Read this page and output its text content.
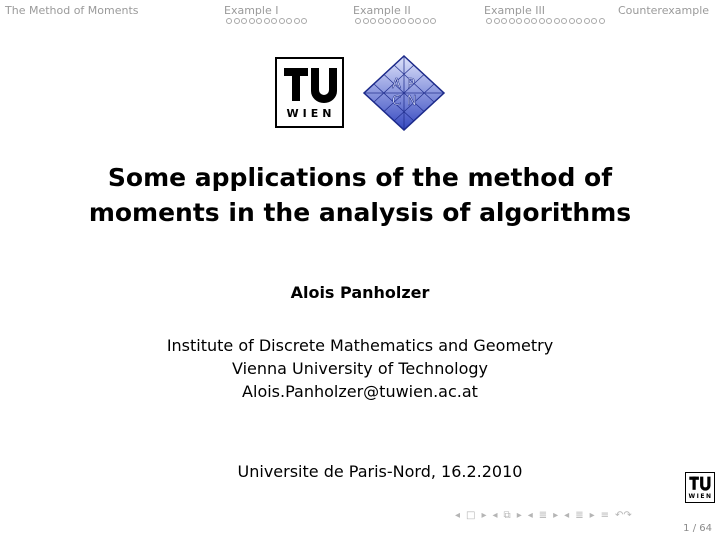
The Method of Moments	Example I	Example II	Example III	Counterexample
WIEN
A
C
P
N
Some applications of the method of
moments in the analysis of algorithms
Alois Panholzer
Institute of Discrete Mathematics and Geometry
Vienna University of Technology
Alois.Panholzer@tuwien.ac.at
Universite de Paris-Nord, 16.2.2010
WIEN
◂ □ ▸ ◂ ⧉ ▸ ◂ ≣ ▸ ◂ ≣ ▸ ≡ ↶↷
1 / 64
